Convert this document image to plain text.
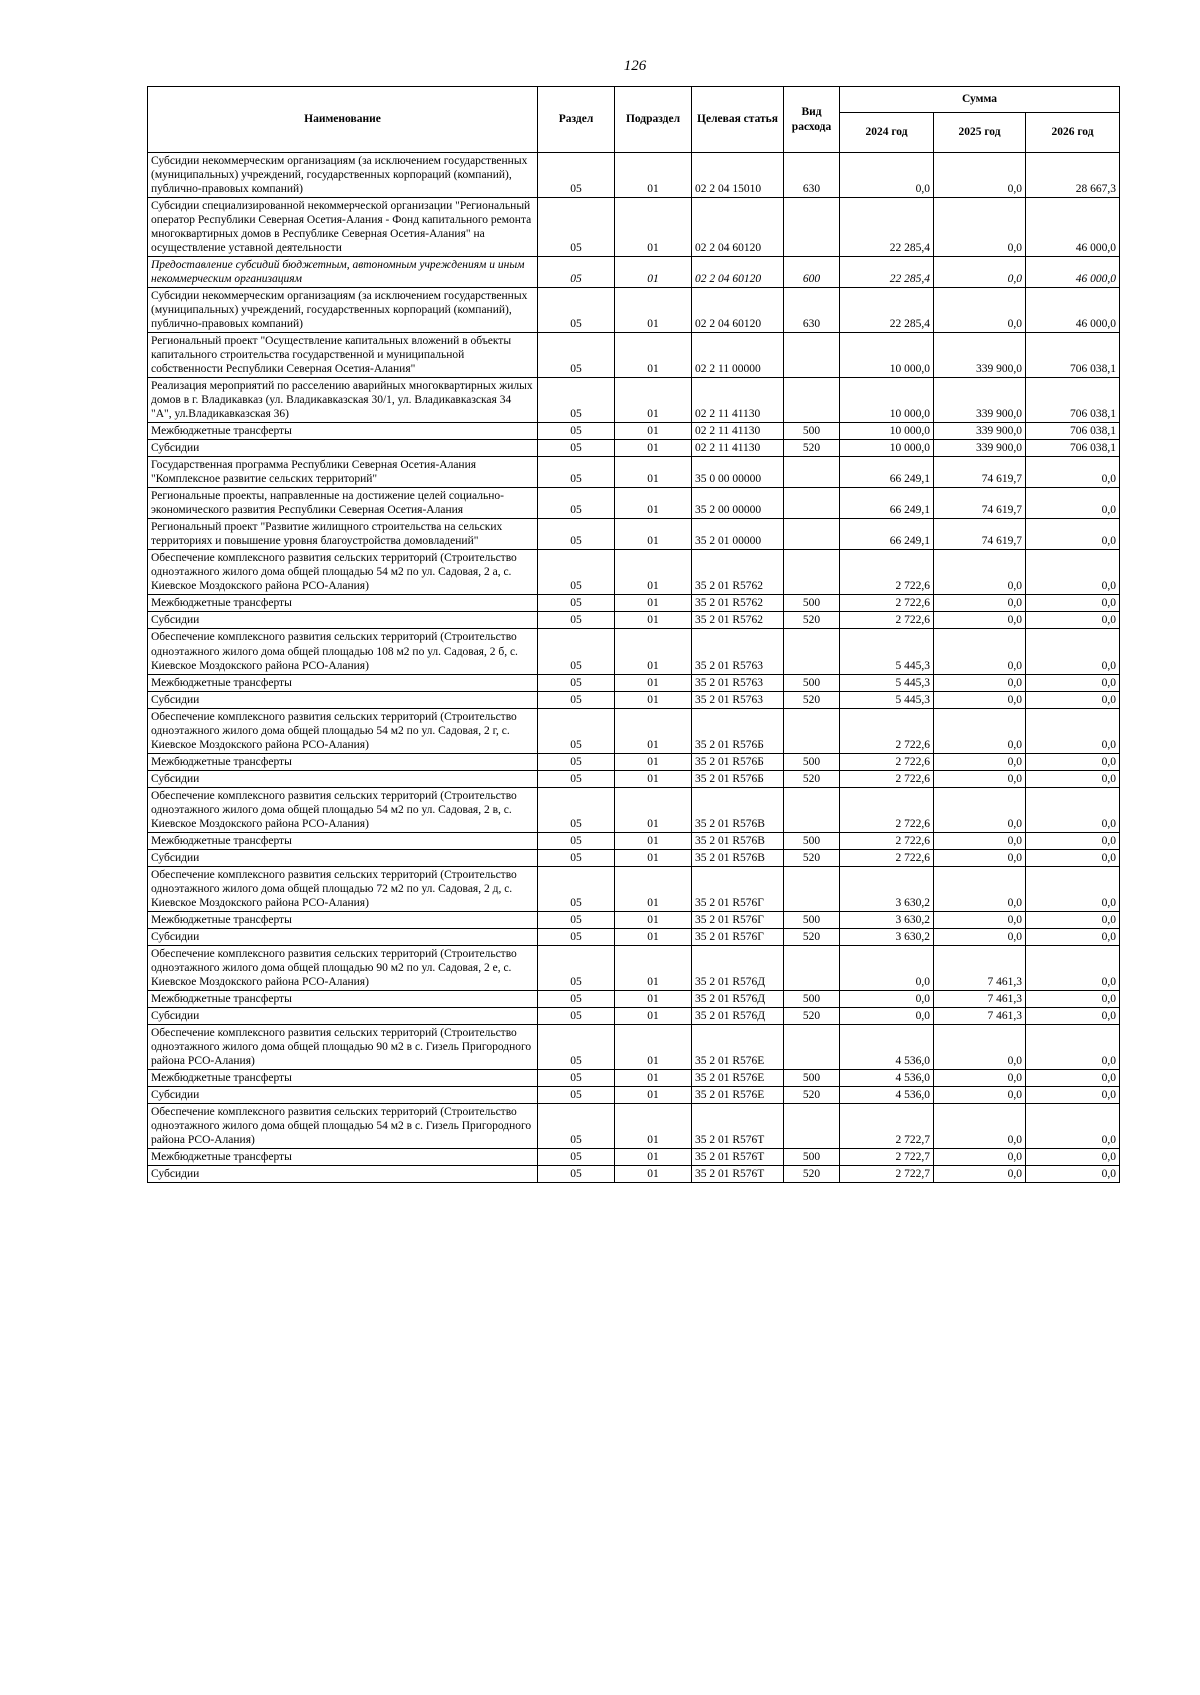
126
Наименование	Раздел	Подраздел	Целевая статья	Вид расхода	Сумма		
					2024 год	2025 год	2026 год
Субсидии некоммерческим организациям (за исключением государственных (муниципальных) учреждений, государственных корпораций (компаний), публично-правовых компаний)	05	01	02 2 04 15010	630	0,0	0,0	28 667,3
Субсидии специализированной некоммерческой организации "Региональный оператор Республики Северная Осетия-Алания - Фонд капитального ремонта многоквартирных домов в Республике Северная Осетия-Алания" на осуществление уставной деятельности	05	01	02 2 04 60120		22 285,4	0,0	46 000,0
Предоставление субсидий бюджетным, автономным учреждениям и иным некоммерческим организациям	05	01	02 2 04 60120	600	22 285,4	0,0	46 000,0
Субсидии некоммерческим организациям (за исключением государственных (муниципальных) учреждений, государственных корпораций (компаний), публично-правовых компаний)	05	01	02 2 04 60120	630	22 285,4	0,0	46 000,0
Региональный проект "Осуществление капитальных вложений в объекты капитального строительства государственной и муниципальной собственности Республики Северная Осетия-Алания"	05	01	02 2 11 00000		10 000,0	339 900,0	706 038,1
Реализация мероприятий по расселению аварийных многоквартирных жилых домов в г. Владикавказ (ул. Владикавказская 30/1, ул. Владикавказская 34 "А", ул.Владикавказская 36)	05	01	02 2 11 41130		10 000,0	339 900,0	706 038,1
Межбюджетные трансферты	05	01	02 2 11 41130	500	10 000,0	339 900,0	706 038,1
Субсидии	05	01	02 2 11 41130	520	10 000,0	339 900,0	706 038,1
Государственная программа Республики Северная Осетия-Алания "Комплексное развитие сельских территорий"	05	01	35 0 00 00000		66 249,1	74 619,7	0,0
Региональные проекты, направленные на достижение целей социально-экономического развития Республики Северная Осетия-Алания	05	01	35 2 00 00000		66 249,1	74 619,7	0,0
Региональный проект "Развитие жилищного строительства на сельских территориях и повышение уровня благоустройства домовладений"	05	01	35 2 01 00000		66 249,1	74 619,7	0,0
Обеспечение комплексного развития сельских территорий (Строительство одноэтажного жилого дома общей площадью 54 м2 по ул. Садовая, 2 а, с. Киевское Моздокского района РСО-Алания)	05	01	35 2 01 R5762		2 722,6	0,0	0,0
Межбюджетные трансферты	05	01	35 2 01 R5762	500	2 722,6	0,0	0,0
Субсидии	05	01	35 2 01 R5762	520	2 722,6	0,0	0,0
Обеспечение комплексного развития сельских территорий (Строительство одноэтажного жилого дома общей площадью 108 м2 по ул. Садовая, 2 б, с. Киевское Моздокского района РСО-Алания)	05	01	35 2 01 R5763		5 445,3	0,0	0,0
Межбюджетные трансферты	05	01	35 2 01 R5763	500	5 445,3	0,0	0,0
Субсидии	05	01	35 2 01 R5763	520	5 445,3	0,0	0,0
Обеспечение комплексного развития сельских территорий (Строительство одноэтажного жилого дома общей площадью 54 м2 по ул. Садовая, 2 г, с. Киевское Моздокского района РСО-Алания)	05	01	35 2 01 R576Б		2 722,6	0,0	0,0
Межбюджетные трансферты	05	01	35 2 01 R576Б	500	2 722,6	0,0	0,0
Субсидии	05	01	35 2 01 R576Б	520	2 722,6	0,0	0,0
Обеспечение комплексного развития сельских территорий (Строительство одноэтажного жилого дома общей площадью 54 м2 по ул. Садовая, 2 в, с. Киевское Моздокского района РСО-Алания)	05	01	35 2 01 R576В		2 722,6	0,0	0,0
Межбюджетные трансферты	05	01	35 2 01 R576В	500	2 722,6	0,0	0,0
Субсидии	05	01	35 2 01 R576В	520	2 722,6	0,0	0,0
Обеспечение комплексного развития сельских территорий (Строительство одноэтажного жилого дома общей площадью 72 м2 по ул. Садовая, 2 д, с. Киевское Моздокского района РСО-Алания)	05	01	35 2 01 R576Г		3 630,2	0,0	0,0
Межбюджетные трансферты	05	01	35 2 01 R576Г	500	3 630,2	0,0	0,0
Субсидии	05	01	35 2 01 R576Г	520	3 630,2	0,0	0,0
Обеспечение комплексного развития сельских территорий (Строительство одноэтажного жилого дома общей площадью 90 м2 по ул. Садовая, 2 е, с. Киевское Моздокского района РСО-Алания)	05	01	35 2 01 R576Д		0,0	7 461,3	0,0
Межбюджетные трансферты	05	01	35 2 01 R576Д	500	0,0	7 461,3	0,0
Субсидии	05	01	35 2 01 R576Д	520	0,0	7 461,3	0,0
Обеспечение комплексного развития сельских территорий (Строительство одноэтажного жилого дома общей площадью 90 м2 в с. Гизель Пригородного района РСО-Алания)	05	01	35 2 01 R576Е		4 536,0	0,0	0,0
Межбюджетные трансферты	05	01	35 2 01 R576Е	500	4 536,0	0,0	0,0
Субсидии	05	01	35 2 01 R576Е	520	4 536,0	0,0	0,0
Обеспечение комплексного развития сельских территорий (Строительство одноэтажного жилого дома общей площадью 54 м2 в с. Гизель Пригородного района РСО-Алания)	05	01	35 2 01 R576Т		2 722,7	0,0	0,0
Межбюджетные трансферты	05	01	35 2 01 R576Т	500	2 722,7	0,0	0,0
Субсидии	05	01	35 2 01 R576Т	520	2 722,7	0,0	0,0
